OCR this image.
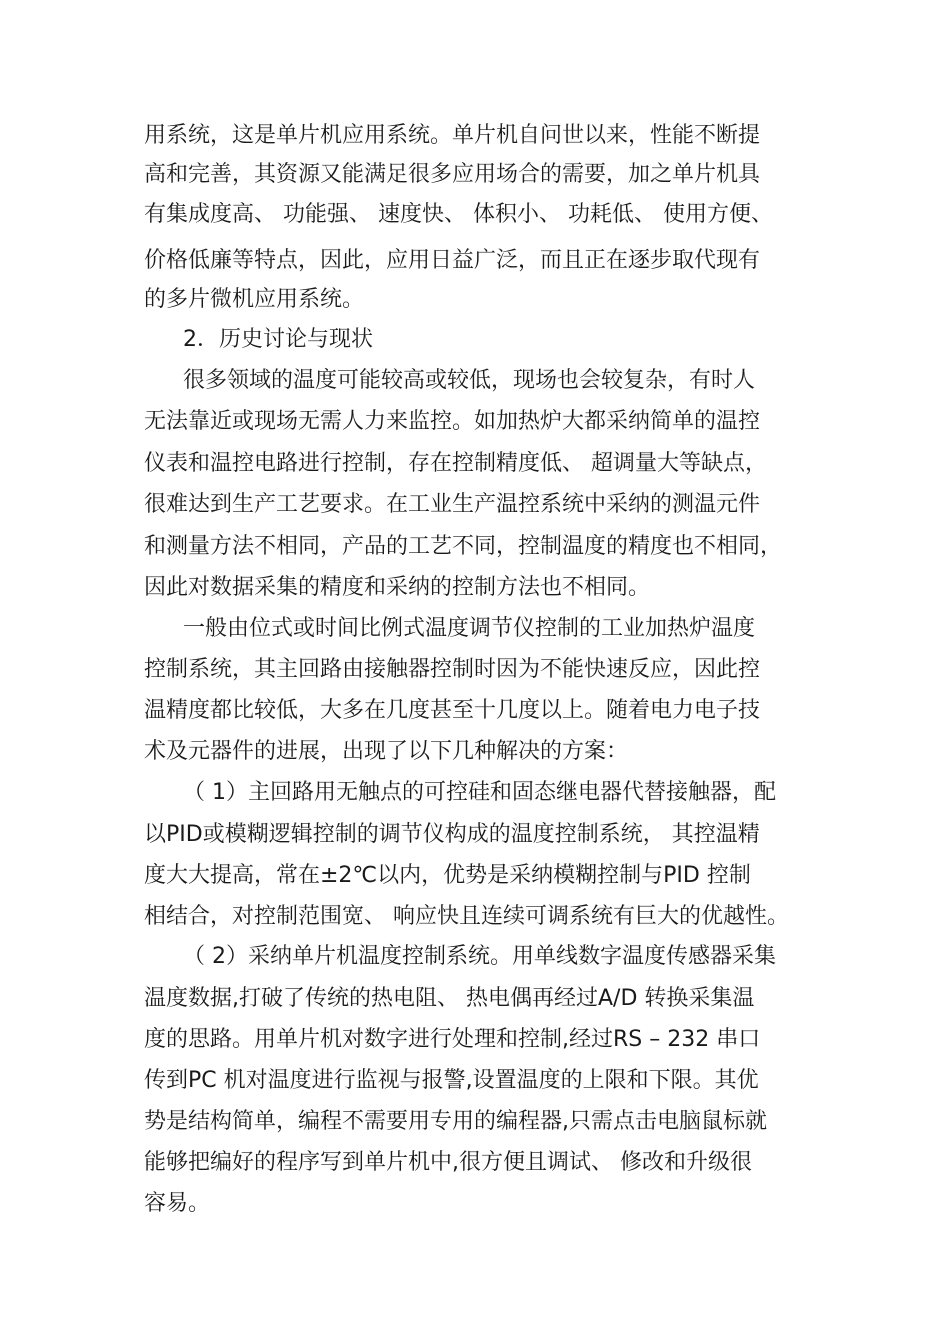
用系统，这是单片机应用系统。单片机自问世以来，性能不断提
高和完善，其资源又能满足很多应用场合的需要，加之单片机具
有集成度高、 功能强、 速度快、 体积小、 功耗低、 使用方便、
价格低廉等特点，因此，应用日益广泛，而且正在逐步取代现有
的多片微机应用系统。
2．历史讨论与现状
很多领域的温度可能较高或较低，现场也会较复杂，有时人
无法靠近或现场无需人力来监控。如加热炉大都采纳简单的温控
仪表和温控电路进行控制，存在控制精度低、 超调量大等缺点，
很难达到生产工艺要求。在工业生产温控系统中采纳的测温元件
和测量方法不相同，产品的工艺不同，控制温度的精度也不相同，
因此对数据采集的精度和采纳的控制方法也不相同。
一般由位式或时间比例式温度调节仪控制的工业加热炉温度
控制系统，其主回路由接触器控制时因为不能快速反应，因此控
温精度都比较低，大多在几度甚至十几度以上。随着电力电子技
术及元器件的进展，出现了以下几种解决的方案：
（ 1）主回路用无触点的可控硅和固态继电器代替接触器，配
以PID或模糊逻辑控制的调节仪构成的温度控制系统， 其控温精
度大大提高，常在±2℃以内，优势是采纳模糊控制与PID 控制
相结合，对控制范围宽、 响应快且连续可调系统有巨大的优越性。
（ 2）采纳单片机温度控制系统。用单线数字温度传感器采集
温度数据,打破了传统的热电阻、 热电偶再经过A/D 转换采集温
度的思路。用单片机对数字进行处理和控制,经过RS – 232 串口
传到PC 机对温度进行监视与报警,设置温度的上限和下限。其优
势是结构简单，编程不需要用专用的编程器,只需点击电脑鼠标就
能够把编好的程序写到单片机中,很方便且调试、 修改和升级很
容易。
